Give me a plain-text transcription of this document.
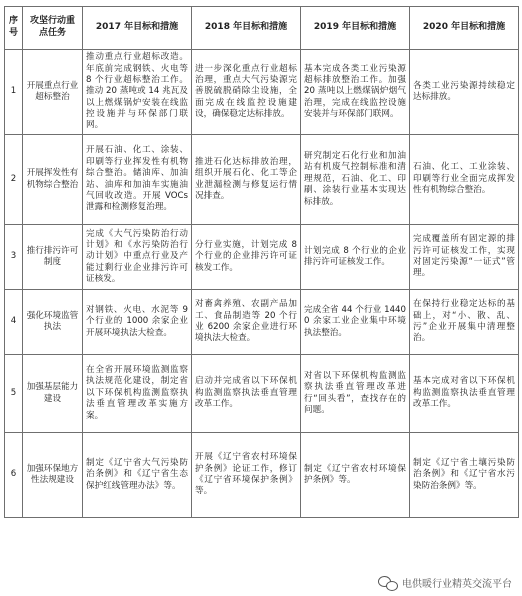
序号	攻坚行动重点任务	2017 年目标和措施	2018 年目标和措施	2019 年目标和措施	2020 年目标和措施
1	开展重点行业超标整治	推动重点行业超标改造。年底前完成钢铁、火电等 8 个行业超标整治工作。推动 20 蒸吨或 14 兆瓦及以上燃煤锅炉安装在线监控设施并与环保部门联网。	进一步深化重点行业超标治理，重点大气污染源完善脱硫脱硝除尘设施，全面完成在线监控设施建设，确保稳定达标排放。	基本完成各类工业污染源超标排放整治工作。加强 20 蒸吨以上燃煤锅炉烟气治理，完成在线监控设施安装并与环保部门联网。	各类工业污染源持续稳定达标排放。
2	开展挥发性有机物综合整治	开展石油、化工、涂装、印刷等行业挥发性有机物综合整治。储油库、加油站、油库和加油车实施油气回收改造。开展 VOCs 泄露和检测修复治理。	推进石化达标排放治理，组织开展石化、化工等企业泄漏检测与修复运行情况排查。	研究制定石化行业和加油站有机废气控制标准和清理规范，石油、化工、印刷、涂装行业基本实现达标排放。	石油、化工、工业涂装、印刷等行业全面完成挥发性有机物综合整治。
3	推行排污许可制度	完成《大气污染防治行动计划》和《水污染防治行动计划》中重点行业及产能过剩行业企业排污许可证核发。	分行业实施，计划完成 8 个行业的企业排污许可证核发工作。	计划完成 8 个行业的企业排污许可证核发工作。	完成覆盖所有固定源的排污许可证核发工作，实现对固定污染源“一证式”管理。
4	强化环境监管执法	对钢铁、火电、水泥等 9 个行业的 1000 余家企业开展环境执法大检查。	对畜禽养殖、农副产品加工、食品制造等 20 个行业 6200 余家企业进行环境执法大检查。	完成全省 44 个行业 14400 余家工业企业集中环境执法整治。	在保持行业稳定达标的基础上，对“小、散、乱、污”企业开展集中清理整治。
5	加强基层能力建设	在全省开展环境监测监察执法规范化建设，制定省以下环保机构监测监察执法垂直管理改革实施方案。	启动并完成省以下环保机构监测监察执法垂直管理改革工作。	对省以下环保机构监测监察执法垂直管理改革进行“回头看”，查找存在的问题。	基本完成对省以下环保机构监测监察执法垂直管理改革工作。
6	加强环保地方性法规建设	制定《辽宁省大气污染防治条例》和《辽宁省生态保护红线管理办法》等。	开展《辽宁省农村环境保护条例》论证工作，修订《辽宁省环境保护条例》等。	制定《辽宁省农村环境保护条例》等。	制定《辽宁省土壤污染防治条例》和《辽宁省水污染防治条例》等。
电供暖行业精英交流平台
